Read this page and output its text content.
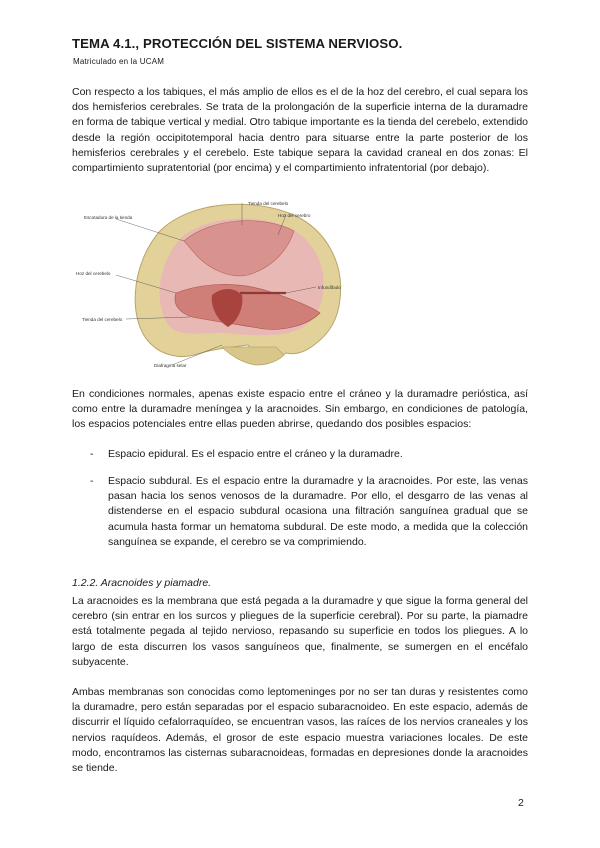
TEMA 4.1., PROTECCIÓN DEL SISTEMA NERVIOSO.
Matriculado en la UCAM

Con respecto a los tabiques, el más amplio de ellos es el de la hoz del cerebro, el cual separa los dos hemisferios cerebrales. Se trata de la prolongación de la superficie interna de la duramadre en forma de tabique vertical y medial. Otro tabique importante es la tienda del cerebelo, extendido desde la región occipitotemporal hacia dentro para situarse entre la parte posterior de los hemisferios cerebrales y el cerebelo. Este tabique separa la cavidad craneal en dos zonas: El compartimiento supratentorial (por encima) y el compartimiento infratentorial (por debajo).

Escotadura de la tienda
Tienda del cerebelo
Hoz del cerebro
Hoz del cerebelo
Infundíbulo
Tienda del cerebelo
Diafragma selar

En condiciones normales, apenas existe espacio entre el cráneo y la duramadre perióstica, así como entre la duramadre meníngea y la aracnoides. Sin embargo, en condiciones de patología, los espacios potenciales entre ellas pueden abrirse, quedando dos posibles espacios:

- Espacio epidural. Es el espacio entre el cráneo y la duramadre.
- Espacio subdural. Es el espacio entre la duramadre y la aracnoides. Por este, las venas pasan hacia los senos venosos de la duramadre. Por ello, el desgarro de las venas al distenderse en el espacio subdural ocasiona una filtración sanguínea gradual que se acumula hasta formar un hematoma subdural. De este modo, a medida que la colección sanguínea se expande, el cerebro se va comprimiendo.
1.2.2. Aracnoides y piamadre.

La aracnoides es la membrana que está pegada a la duramadre y que sigue la forma general del cerebro (sin entrar en los surcos y pliegues de la superficie cerebral). Por su parte, la piamadre está totalmente pegada al tejido nervioso, repasando su superficie en todos los pliegues. A lo largo de esta discurren los vasos sanguíneos que, finalmente, se sumergen en el encéfalo subyacente.

Ambas membranas son conocidas como leptomeninges por no ser tan duras y resistentes como la duramadre, pero están separadas por el espacio subaracnoideo. En este espacio, además de discurrir el líquido cefalorraquídeo, se encuentran vasos, las raíces de los nervios craneales y los nervios raquídeos. Además, el grosor de este espacio muestra variaciones locales. De este modo, encontramos las cisternas subaracnoideas, formadas en depresiones donde la aracnoides se tiende.

2
